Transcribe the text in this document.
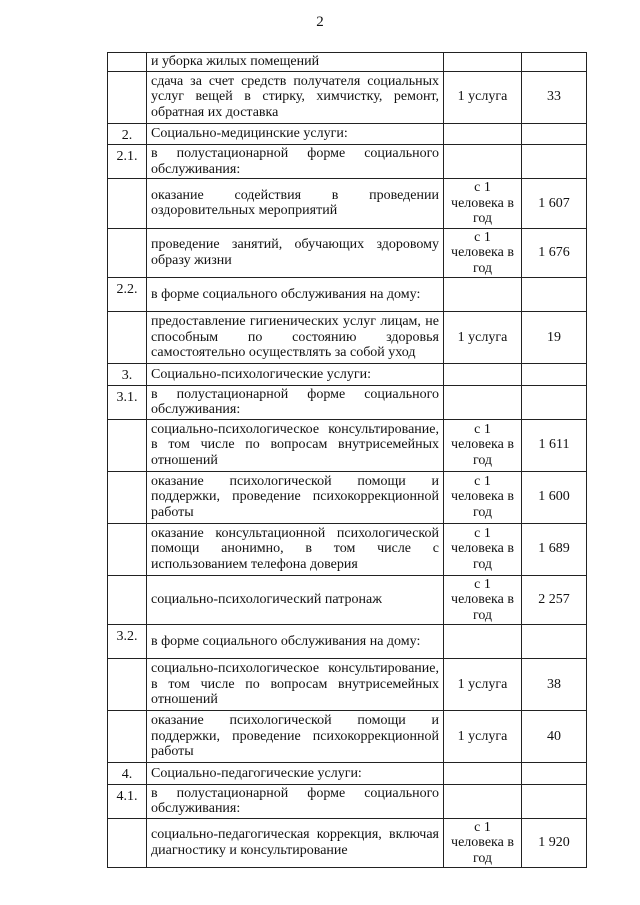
2
	и уборка жилых помещений		
	сдача за счет средств получателя социальных услуг вещей в стирку, химчистку, ремонт, обратная их доставка	1 услуга	33
2.	Социально-медицинские услуги:		
2.1.	в полустационарной форме социального обслуживания:		
	оказание содействия в проведении оздоровительных мероприятий	с 1 человека в год	1 607
	проведение занятий, обучающих здоровому образу жизни	с 1 человека в год	1 676
2.2.	в форме социального обслуживания на дому:		
	предоставление гигиенических услуг лицам, не способным по состоянию здоровья самостоятельно осуществлять за собой уход	1 услуга	19
3.	Социально-психологические услуги:		
3.1.	в полустационарной форме социального обслуживания:		
	социально-психологическое консультирование, в том числе по вопросам внутрисемейных отношений	с 1 человека в год	1 611
	оказание психологической помощи и поддержки, проведение психокоррекционной работы	с 1 человека в год	1 600
	оказание консультационной психологической помощи анонимно, в том числе с использованием телефона доверия	с 1 человека в год	1 689
	социально-психологический патронаж	с 1 человека в год	2 257
3.2.	в форме социального обслуживания на дому:		
	социально-психологическое консультирование, в том числе по вопросам внутрисемейных отношений	1 услуга	38
	оказание психологической помощи и поддержки, проведение психокоррекционной работы	1 услуга	40
4.	Социально-педагогические услуги:		
4.1.	в полустационарной форме социального обслуживания:		
	социально-педагогическая коррекция, включая диагностику и консультирование	с 1 человека в год	1 920
